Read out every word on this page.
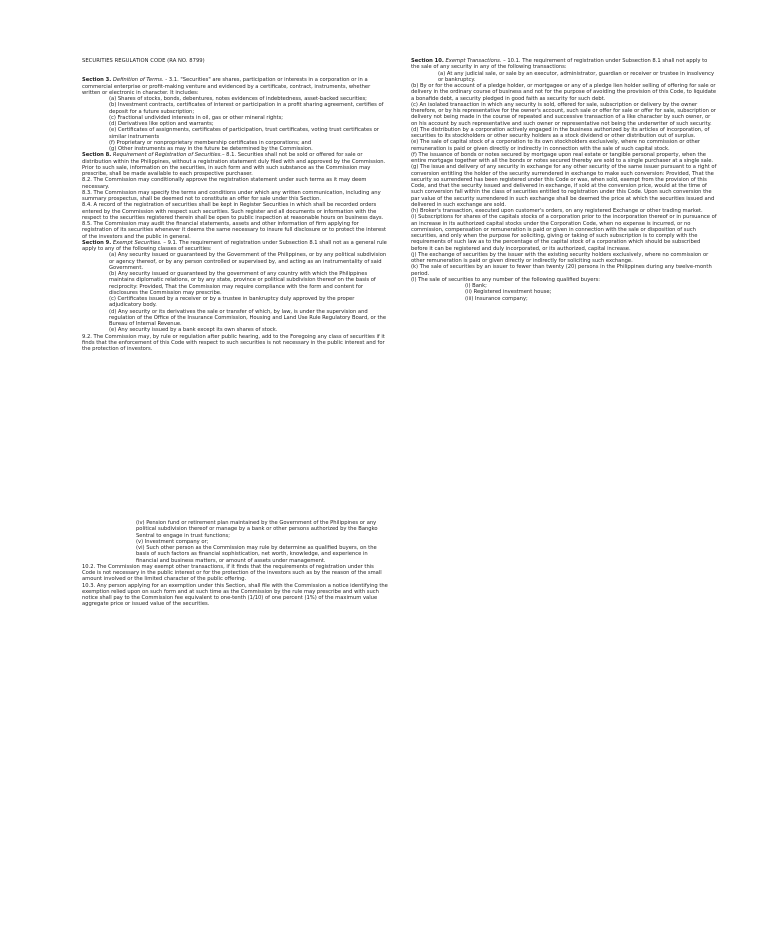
SECURITIES REGULATION CODE (RA NO. 8799)

Section 3. Definition of Terms. - 3.1. "Securities" are shares, participation or interests in a corporation or in a commercial enterprise or profit-making venture and evidenced by a certificate, contract, instruments, whether written or electronic in character. It includes:

(a) Shares of stocks, bonds, debentures, notes evidences of indebtedness, asset-backed securities;

(b) Investment contracts, certificates of interest or participation in a profit sharing agreement, certifies of deposit for a future subscription;

(c) Fractional undivided interests in oil, gas or other mineral rights;

(d) Derivatives like option and warrants;

(e) Certificates of assignments, certificates of participation, trust certificates, voting trust certificates or similar instruments

(f) Proprietary or nonproprietary membership certificates in corporations; and

(g) Other instruments as may in the future be determined by the Commission.

Section 8. Requirement of Registration of Securities.– 8.1. Securities shall not be sold or offered for sale or distribution within the Philippines, without a registration statement duly filed with and approved by the Commission. Prior to such sale, information on the securities, in such form and with such substance as the Commission may prescribe, shall be made available to each prospective purchaser.

8.2. The Commission may conditionally approve the registration statement under such terms as it may deem necessary.

8.3. The Commission may specify the terms and conditions under which any written communication, including any summary prospectus, shall be deemed not to constitute an offer for sale under this Section.

8.4. A record of the registration of securities shall be kept in Register Securities in which shall be recorded orders entered by the Commission with respect such securities. Such register and all documents or information with the respect to the securities registered therein shall be open to public inspection at reasonable hours on business days.

8.5. The Commission may audit the financial statements, assets and other information of firm applying for registration of its securities whenever it deems the same necessary to insure full disclosure or to protect the interest of the investors and the public in general.

Section 9. Exempt Securities. – 9.1. The requirement of registration under Subsection 8.1 shall not as a general rule apply to any of the following classes of securities:

(a) Any security issued or guaranteed by the Government of the Philippines, or by any political subdivision or agency thereof, or by any person controlled or supervised by, and acting as an instrumentality of said Government.

(b) Any security issued or guaranteed by the government of any country with which the Philippines maintains diplomatic relations, or by any state, province or political subdivision thereof on the basis of reciprocity: Provided, That the Commission may require compliance with the form and content for disclosures the Commission may prescribe.

(c) Certificates issued by a receiver or by a trustee in bankruptcy duly approved by the proper adjudicatory body.

(d) Any security or its derivatives the sale or transfer of which, by law, is under the supervision and regulation of the Office of the Insurance Commission, Housing and Land Use Rule Regulatory Board, or the Bureau of Internal Revenue.

(e) Any security issued by a bank except its own shares of stock.

9.2. The Commission may, by rule or regulation after public hearing, add to the Foregoing any class of securities if it finds that the enforcement of this Code with respect to such securities is not necessary in the public interest and for the protection of investors.

Section 10. Exempt Transactions. – 10.1. The requirement of registration under Subsection 8.1 shall not apply to the sale of any security in any of the following transactions:

(a) At any judicial sale, or sale by an executor, administrator, guardian or receiver or trustee in insolvency or bankruptcy.

(b) By or for the account of a pledge holder, or mortgagee or any of a pledge lien holder selling of offering for sale or delivery in the ordinary course of business and not for the purpose of avoiding the provision of this Code, to liquidate a bonafide debt, a security pledged in good faith as security for such debt.

(c) An isolated transaction in which any security is sold, offered for sale, subscription or delivery by the owner therefore, or by his representative for the owner's account, such sale or offer for sale or offer for sale, subscription or delivery not being made in the course of repeated and successive transaction of a like character by such owner, or on his account by such representative and such owner or representative not being the underwriter of such security.

(d) The distribution by a corporation actively engaged in the business authorized by its articles of incorporation, of securities to its stockholders or other security holders as a stock dividend or other distribution out of surplus.

(e) The sale of capital stock of a corporation to its own stockholders exclusively, where no commission or other remuneration is paid or given directly or indirectly in connection with the sale of such capital stock.

(f) The issuance of bonds or notes secured by mortgage upon real estate or tangible personal property, when the entire mortgage together with all the bonds or notes secured thereby are sold to a single purchaser at a single sale.

(g) The issue and delivery of any security in exchange for any other security of the same issuer pursuant to a right of conversion entitling the holder of the security surrendered in exchange to make such conversion: Provided, That the security so surrendered has been registered under this Code or was, when sold, exempt from the provision of this Code, and that the security issued and delivered in exchange, if sold at the conversion price, would at the time of such conversion fall within the class of securities entitled to registration under this Code. Upon such conversion the par value of the security surrendered in such exchange shall be deemed the price at which the securities issued and delivered in such exchange are sold.

(h) Broker's transaction, executed upon customer's orders, on any registered Exchange or other trading market.

(i) Subscriptions for shares of the capitals stocks of a corporation prior to the incorporation thereof or in pursuance of an increase in its authorized capital stocks under the Corporation Code, when no expense is incurred, or no commission, compensation or remuneration is paid or given in connection with the sale or disposition of such securities, and only when the purpose for soliciting, giving or taking of such subscription is to comply with the requirements of such law as to the percentage of the capital stock of a corporation which should be subscribed before it can be registered and duly incorporated, or its authorized, capital increase.

(j) The exchange of securities by the issuer with the existing security holders exclusively, where no commission or other remuneration is paid or given directly or indirectly for soliciting such exchange.

(k) The sale of securities by an issuer to fewer than twenty (20) persons in the Philippines during any twelve-month period.

(l) The sale of securities to any number of the following qualified buyers:

(i) Bank;

(ii) Registered investment house;

(iii) Insurance company;

(iv) Pension fund or retirement plan maintained by the Government of the Philippines or any political subdivision thereof or manage by a bank or other persons authorized by the Bangko Sentral to engage in trust functions;

(v) Investment company or;

(vi) Such other person as the Commission may rule by determine as qualified buyers, on the basis of such factors as financial sophistication, net worth, knowledge, and experience in financial and business matters, or amount of assets under management.

10.2. The Commission may exempt other transactions, if it finds that the requirements of registration under this Code is not necessary in the public interest or for the protection of the investors such as by the reason of the small amount involved or the limited character of the public offering.

10.3. Any person applying for an exemption under this Section, shall file with the Commission a notice identifying the exemption relied upon on such form and at such time as the Commission by the rule may prescribe and with such notice shall pay to the Commission fee equivalent to one-tenth (1/10) of one percent (1%) of the maximum value aggregate price or issued value of the securities.
